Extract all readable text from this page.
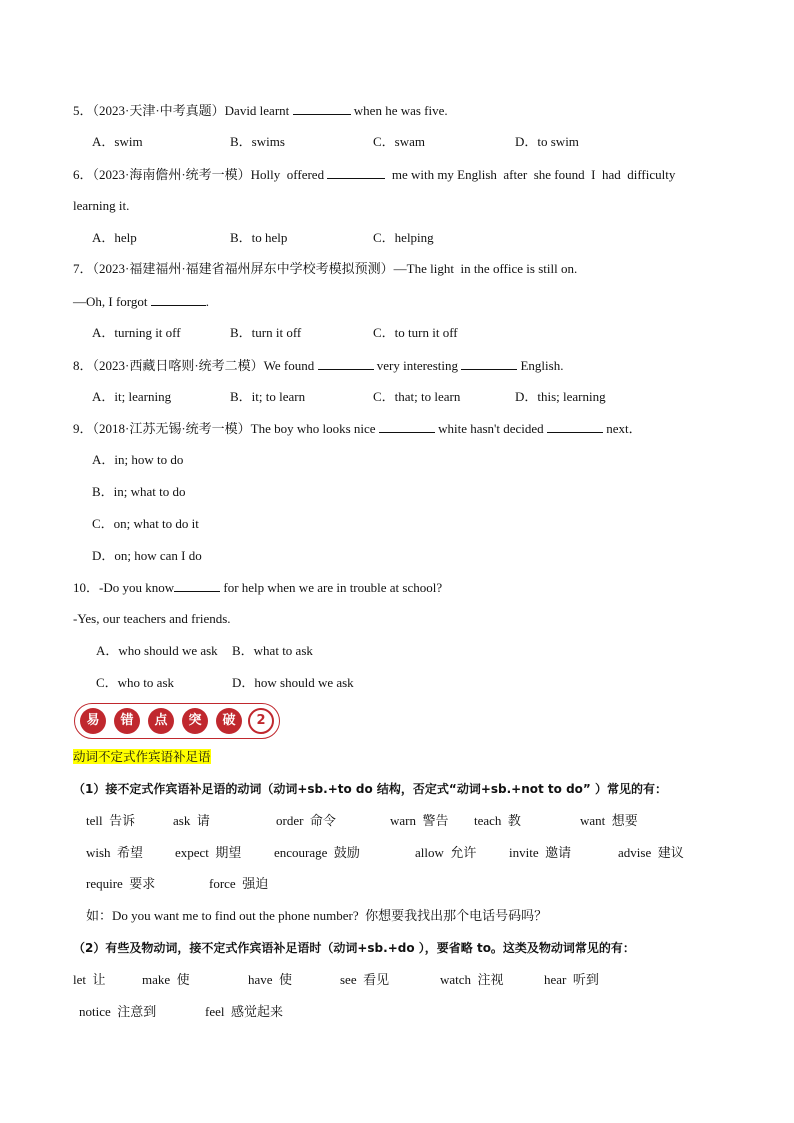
5．（2023·天津·中考真题）David learnt	when he was five.
A．swim	B．swims	C．swam	D．to swim
6．（2023·海南儋州·统考一模）Holly  offered	me with my English  after  she found  I  had  difficulty
learning it.
A．help	B．to help	C．helping
7．（2023·福建福州·福建省福州屏东中学校考模拟预测）—The light  in the office is still on.
—Oh, I forgot	.
A．turning it off	B．turn it off	C．to turn it off
8．（2023·西藏日喀则·统考二模）We found	very interesting	English.
A．it; learning	B．it; to learn	C．that; to learn	D．this; learning
9．（2018·江苏无锡·统考一模）The boy who looks nice	white hasn't decided	next．
A．in; how to do
B．in; what to do
C．on; what to do it
D．on; how can I do
10．-Do you know	for help when we are in trouble at school?
-Yes, our teachers and friends.
A．who should we ask B．what to ask
C．who to ask	D．how should we ask
易	错	点	突	破	2
动词不定式作宾语补足语
（1）接不定式作宾语补足语的动词（动词+sb.+to do 结构，否定式“动词+sb.+not to do” ）常见的有：
tell  告诉	ask  请	order  命令	warn  警告 teach  教	want  想要
wish  希望 expect  期望	encourage  鼓励	allow  允许	invite  邀请	advise  建议
require  要求	force  强迫
如：Do you want me to find out the phone number?  你想要我找出那个电话号码吗？
（2）有些及物动词，接不定式作宾语补足语时（动词+sb.+do ），要省略 to。这类及物动词常见的有：
let  让	make  使	have  使	see  看见	watch  注视	hear  听到
notice  注意到	feel  感觉起来
